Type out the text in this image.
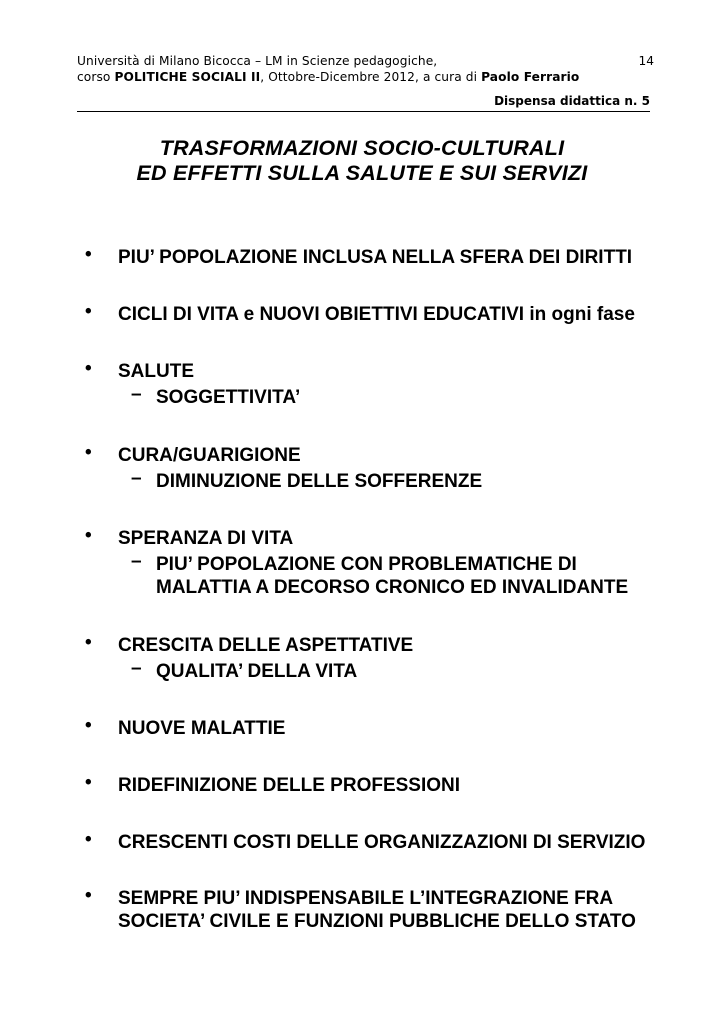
Università di Milano Bicocca – LM in Scienze pedagogiche,
corso POLITICHE SOCIALI II, Ottobre-Dicembre 2012, a cura di Paolo Ferrario
14
Dispensa didattica n. 5
TRASFORMAZIONI SOCIO-CULTURALI
ED EFFETTI SULLA SALUTE E SUI SERVIZI
• PIU’ POPOLAZIONE INCLUSA NELLA SFERA DEI DIRITTI
• CICLI DI VITA e NUOVI OBIETTIVI EDUCATIVI in ogni fase
• SALUTE
– SOGGETTIVITA’
• CURA/GUARIGIONE
– DIMINUZIONE DELLE SOFFERENZE
• SPERANZA DI VITA
– PIU’ POPOLAZIONE CON PROBLEMATICHE DI
MALATTIA A DECORSO CRONICO ED INVALIDANTE
• CRESCITA DELLE ASPETTATIVE
– QUALITA’ DELLA VITA
• NUOVE MALATTIE
• RIDEFINIZIONE DELLE PROFESSIONI
• CRESCENTI COSTI DELLE ORGANIZZAZIONI DI SERVIZIO
• SEMPRE PIU’ INDISPENSABILE L’INTEGRAZIONE FRA
SOCIETA’ CIVILE E FUNZIONI PUBBLICHE DELLO STATO
